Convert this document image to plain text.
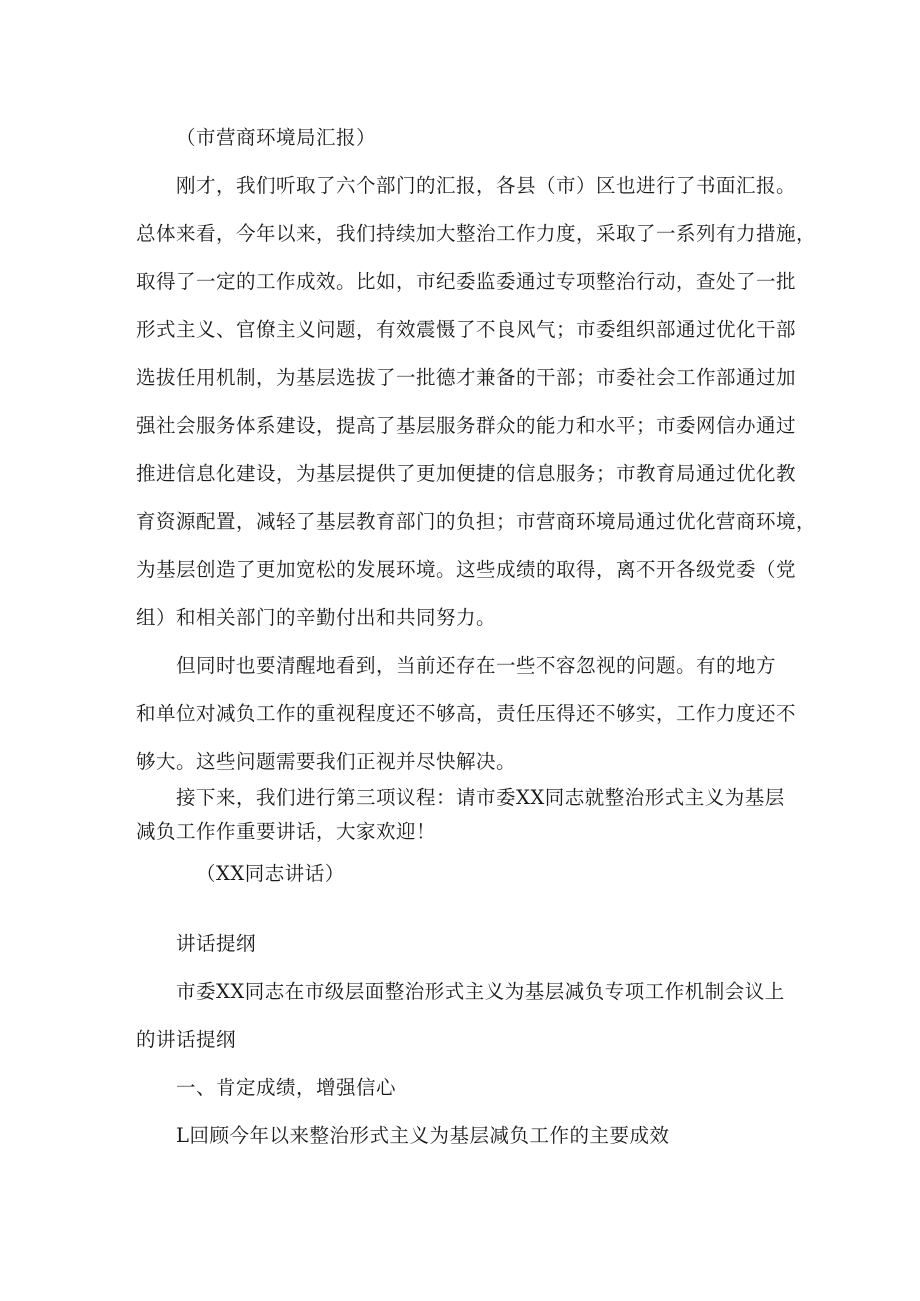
（市营商环境局汇报）
刚才，我们听取了六个部门的汇报，各县（市）区也进行了书面汇报。
总体来看，今年以来，我们持续加大整治工作力度，采取了一系列有力措施，
取得了一定的工作成效。比如，市纪委监委通过专项整治行动，查处了一批
形式主义、官僚主义问题，有效震慑了不良风气；市委组织部通过优化干部
选拔任用机制，为基层选拔了一批德才兼备的干部；市委社会工作部通过加
强社会服务体系建设，提高了基层服务群众的能力和水平；市委网信办通过
推进信息化建设，为基层提供了更加便捷的信息服务；市教育局通过优化教
育资源配置，减轻了基层教育部门的负担；市营商环境局通过优化营商环境，
为基层创造了更加宽松的发展环境。这些成绩的取得，离不开各级党委（党
组）和相关部门的辛勤付出和共同努力。
但同时也要清醒地看到，当前还存在一些不容忽视的问题。有的地方
和单位对减负工作的重视程度还不够高，责任压得还不够实，工作力度还不
够大。这些问题需要我们正视并尽快解决。
接下来，我们进行第三项议程：请市委XX同志就整治形式主义为基层
减负工作作重要讲话，大家欢迎！
（XX同志讲话）
讲话提纲
市委XX同志在市级层面整治形式主义为基层减负专项工作机制会议上
的讲话提纲
一、肯定成绩，增强信心
L回顾今年以来整治形式主义为基层减负工作的主要成效
